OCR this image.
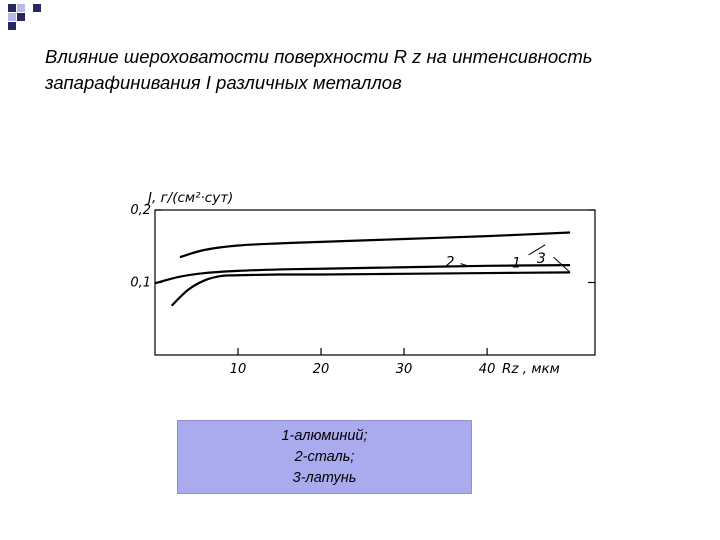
Влияние шероховатости поверхности R z на интенсивность запарафинивания I различных металлов
10	20	30	40
0,2
0,1
J, г/(см²·сут)
Rz , мкм
1
2	3
1-алюминий;
2-сталь;
3-латунь
